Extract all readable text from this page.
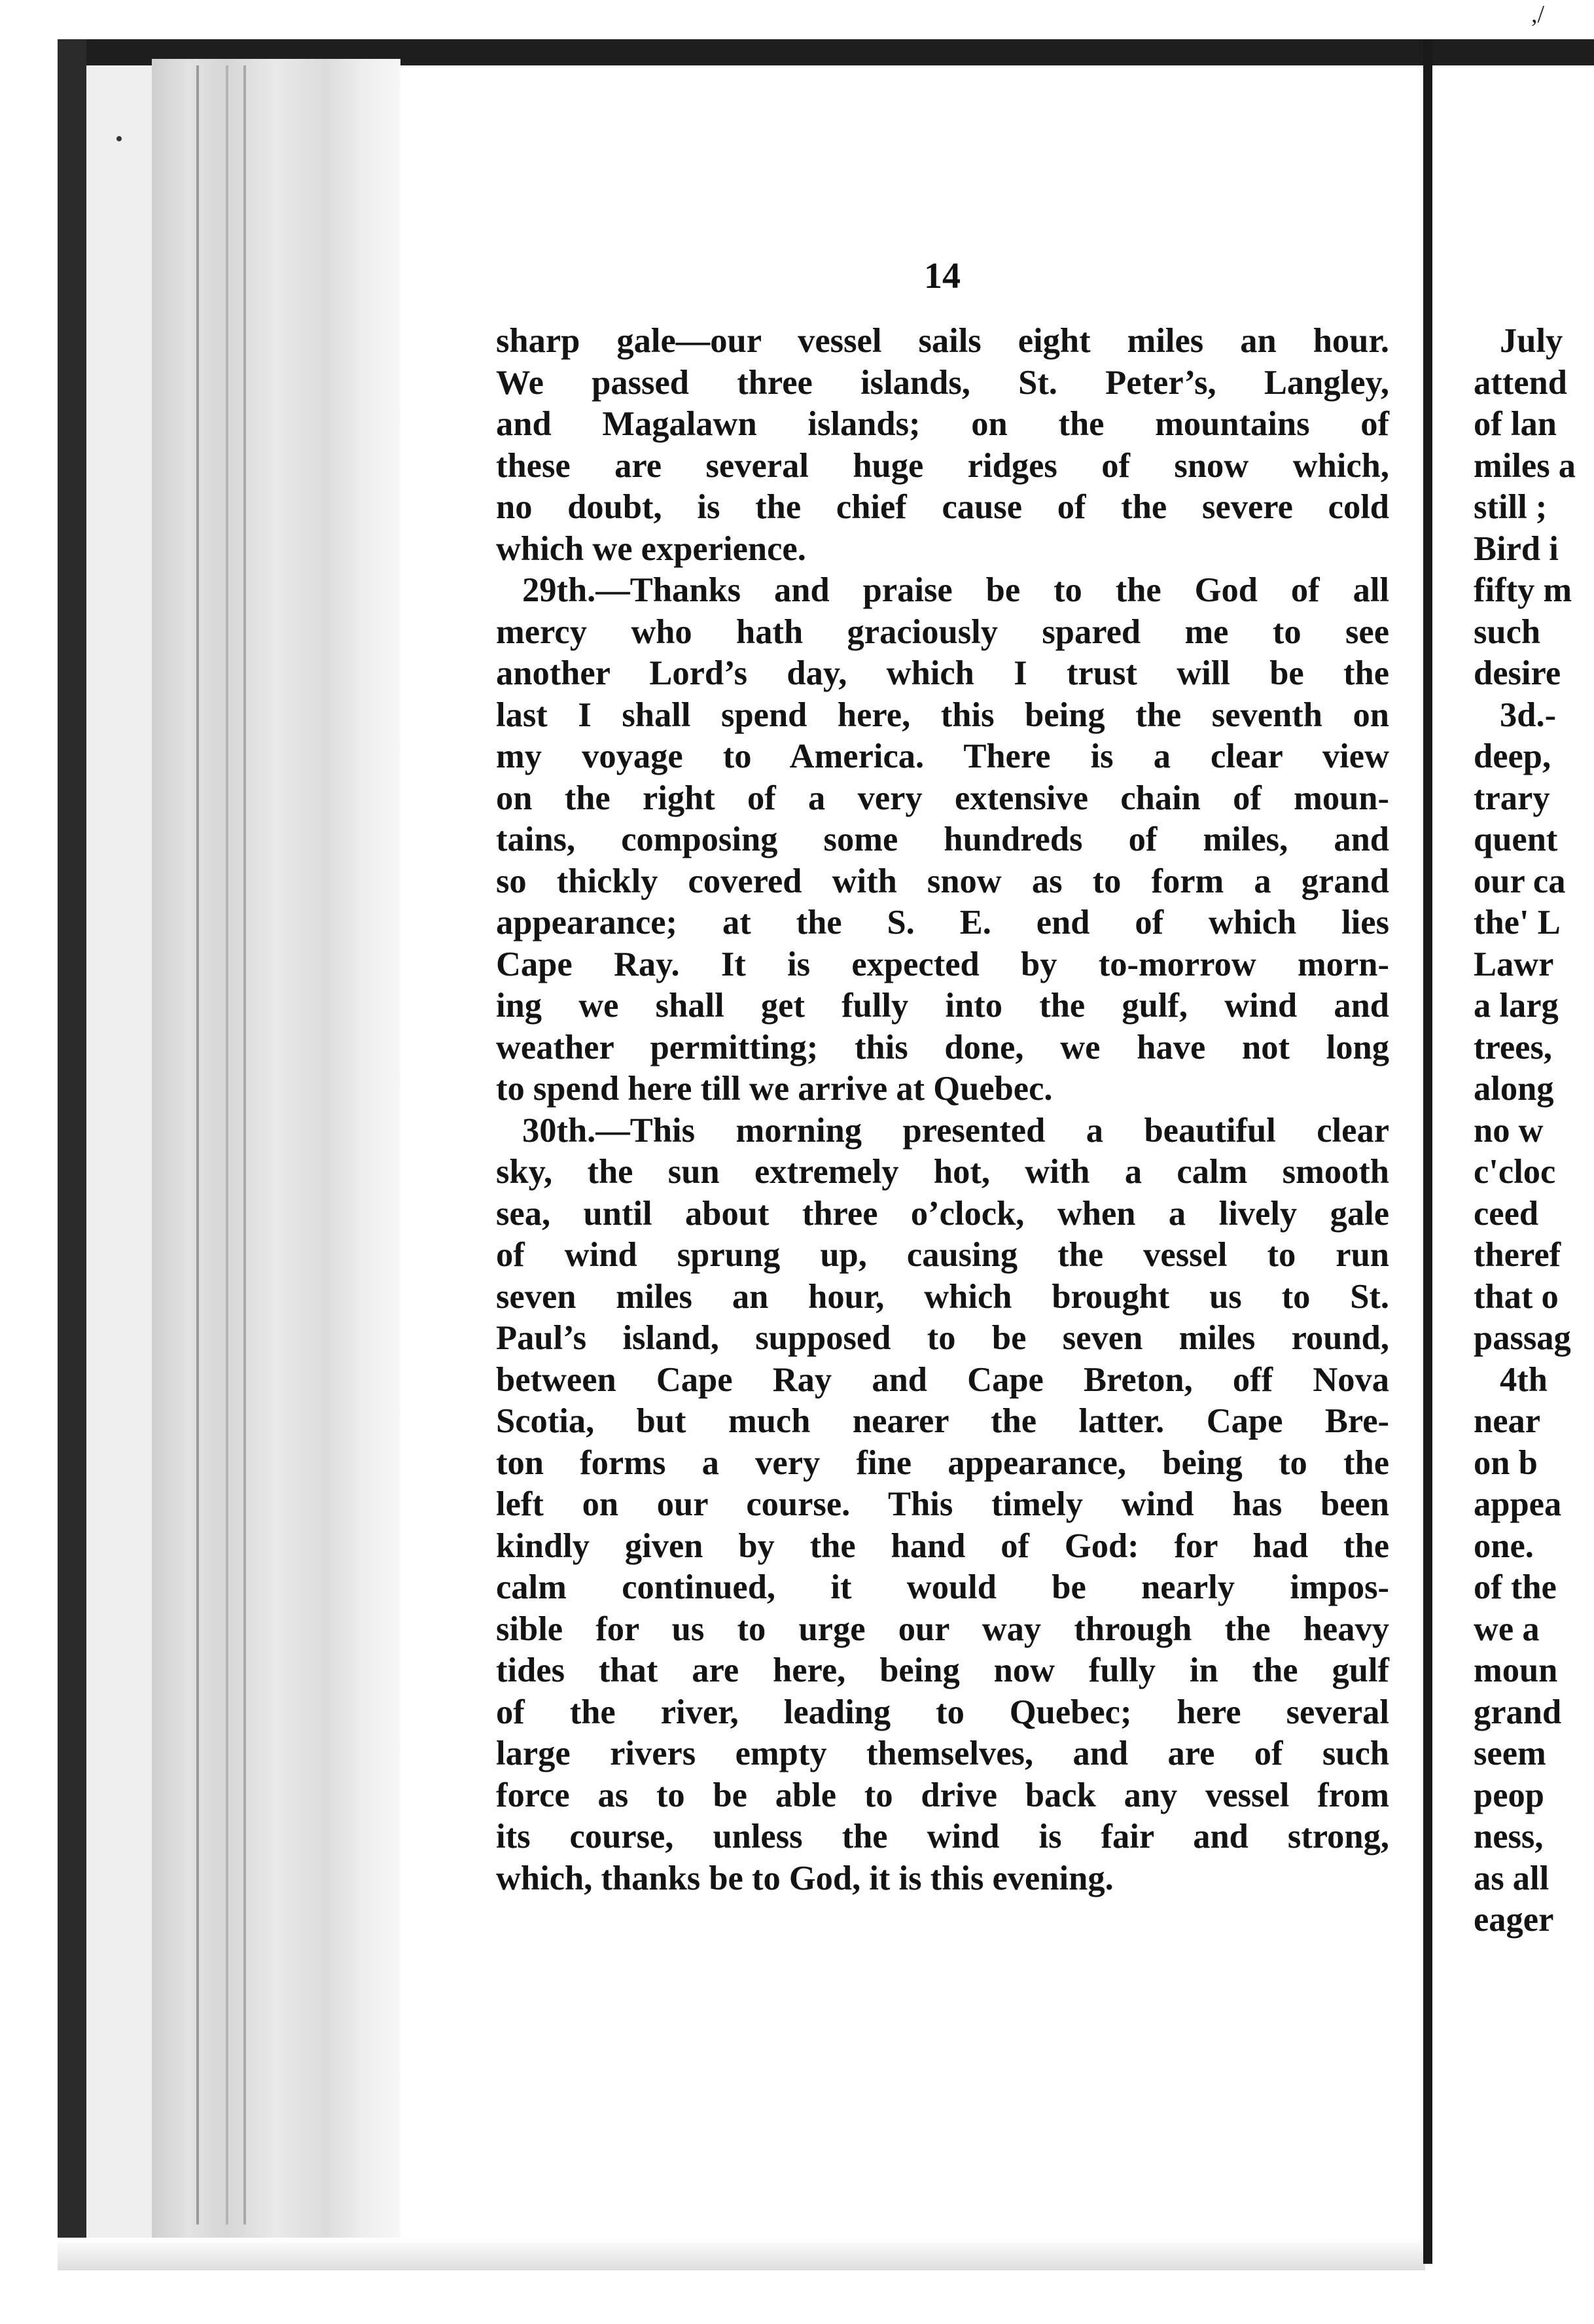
,/
14
sharp gale—our vessel sails eight miles an hour.
We passed three islands, St. Peter’s, Langley,
and Magalawn islands; on the mountains of
these are several huge ridges of snow which,
no doubt, is the chief cause of the severe cold
which we experience.
29th.—Thanks and praise be to the God of all
mercy who hath graciously spared me to see
another Lord’s day, which I trust will be the
last I shall spend here, this being the seventh on
my voyage to America. There is a clear view
on the right of a very extensive chain of moun-
tains, composing some hundreds of miles, and
so thickly covered with snow as to form a grand
appearance; at the S. E. end of which lies
Cape Ray. It is expected by to-morrow morn-
ing we shall get fully into the gulf, wind and
weather permitting; this done, we have not long
to spend here till we arrive at Quebec.
30th.—This morning presented a beautiful clear
sky, the sun extremely hot, with a calm smooth
sea, until about three o’clock, when a lively gale
of wind sprung up, causing the vessel to run
seven miles an hour, which brought us to St.
Paul’s island, supposed to be seven miles round,
between Cape Ray and Cape Breton, off Nova
Scotia, but much nearer the latter. Cape Bre-
ton forms a very fine appearance, being to the
left on our course. This timely wind has been
kindly given by the hand of God: for had the
calm continued, it would be nearly impos-
sible for us to urge our way through the heavy
tides that are here, being now fully in the gulf
of the river, leading to Quebec; here several
large rivers empty themselves, and are of such
force as to be able to drive back any vessel from
its course, unless the wind is fair and strong,
which, thanks be to God, it is this evening.
July
attend
of lan
miles a
still ;
Bird i
fifty m
such
desire
3d.-
deep,
trary
quent
our ca
the' L
Lawr
a larg
trees,
along
no w
c'cloc
ceed
theref
that o
passag
4th
near
on b
appea
one.
of the
we a
moun
grand
seem
peop
ness,
as all
eager
